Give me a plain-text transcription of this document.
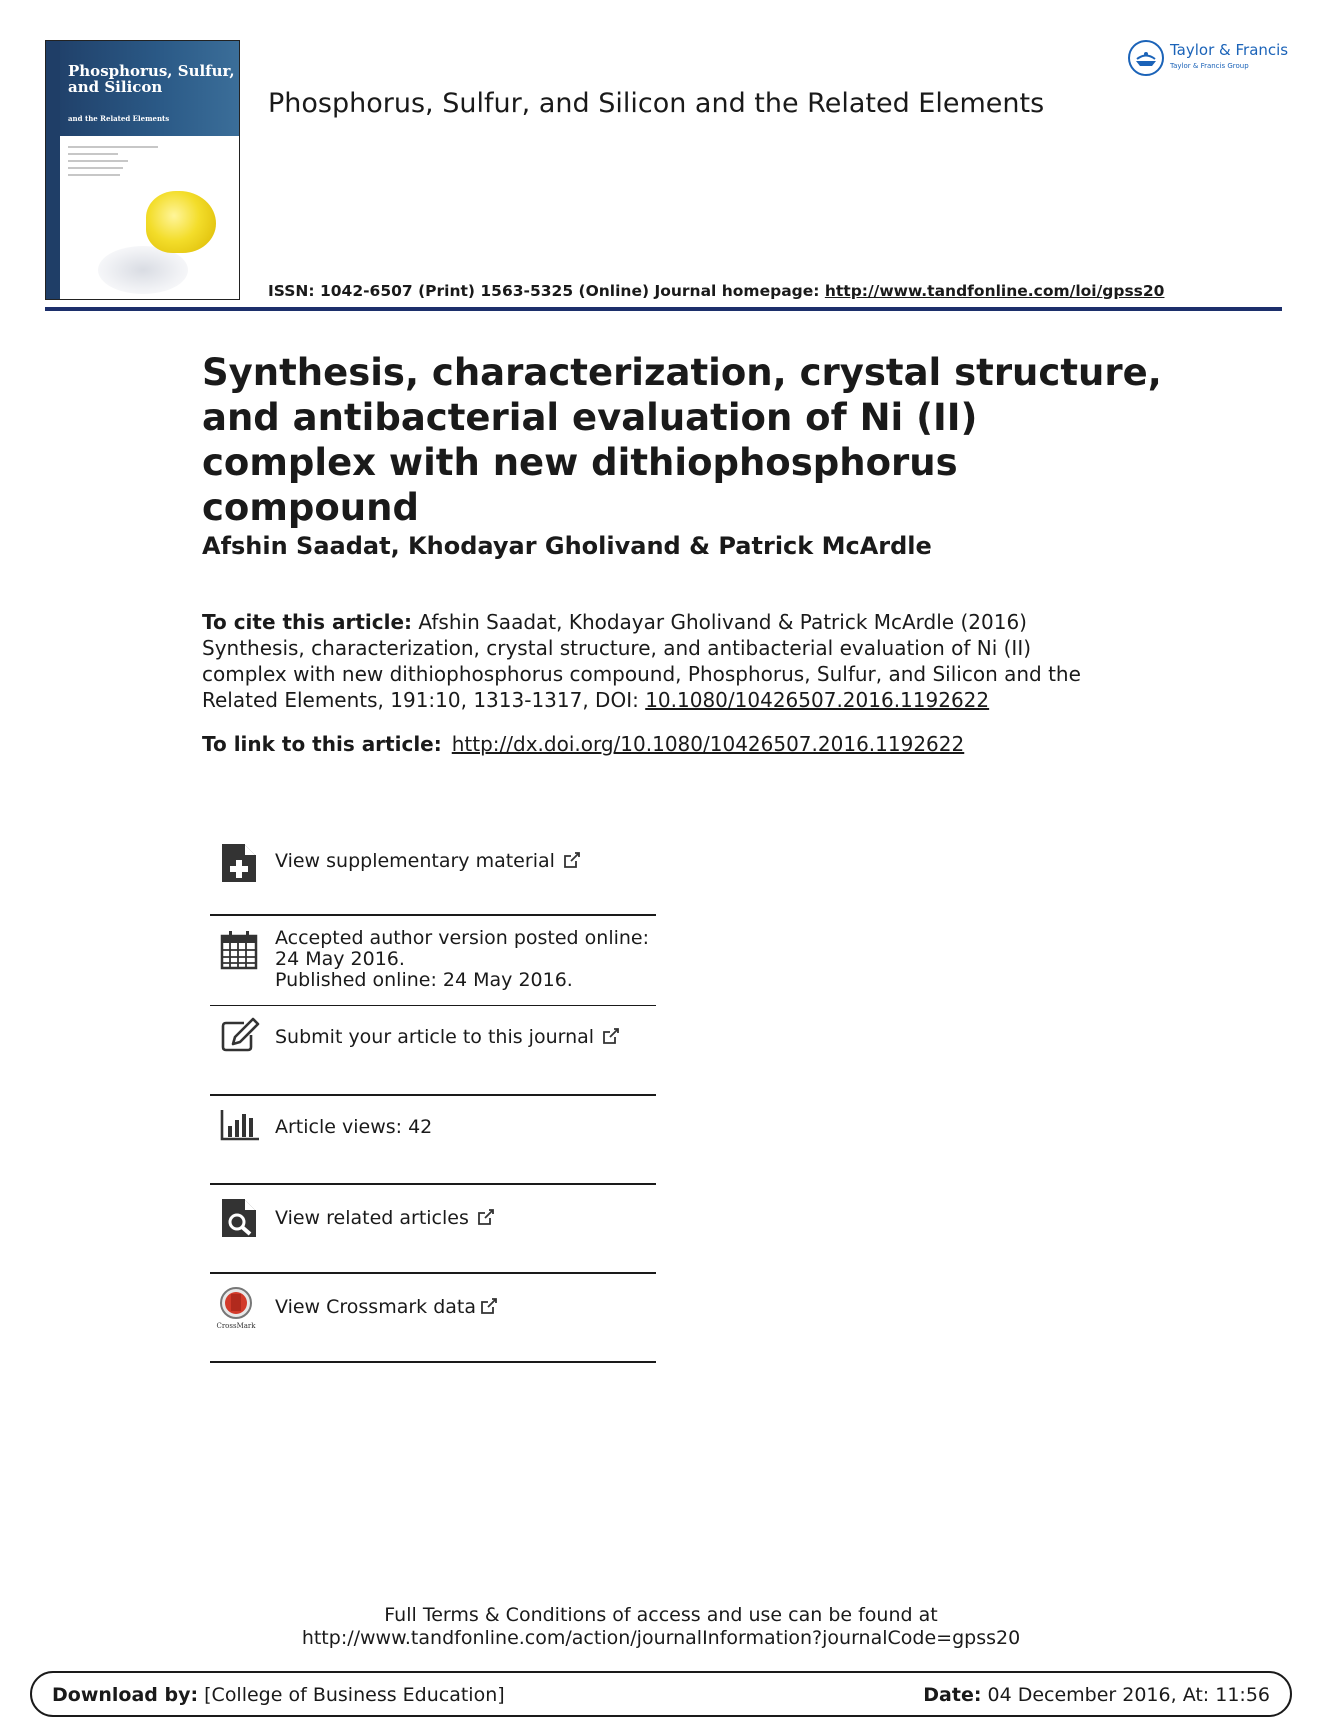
Phosphorus, Sulfur, and Silicon
and the Related Elements	Phosphorus, Sulfur, and Silicon and the Related Elements
ISSN: 1042-6507 (Print) 1563-5325 (Online) Journal homepage: http://www.tandfonline.com/loi/gpss20
Taylor & Francis
Taylor & Francis Group
Synthesis, characterization, crystal structure, and antibacterial evaluation of Ni (II) complex with new dithiophosphorus compound
Afshin Saadat, Khodayar Gholivand & Patrick McArdle
To cite this article: Afshin Saadat, Khodayar Gholivand & Patrick McArdle (2016) Synthesis, characterization, crystal structure, and antibacterial evaluation of Ni (II) complex with new dithiophosphorus compound, Phosphorus, Sulfur, and Silicon and the Related Elements, 191:10, 1313-1317, DOI: 10.1080/10426507.2016.1192622
To link to this article: http://dx.doi.org/10.1080/10426507.2016.1192622
View supplementary material
Accepted author version posted online: 24 May 2016.
Published online: 24 May 2016.
Submit your article to this journal
Article views: 42
View related articles
CrossMark
View Crossmark data
Full Terms & Conditions of access and use can be found at
http://www.tandfonline.com/action/journalInformation?journalCode=gpss20
Download by: [College of Business Education]	Date: 04 December 2016, At: 11:56
